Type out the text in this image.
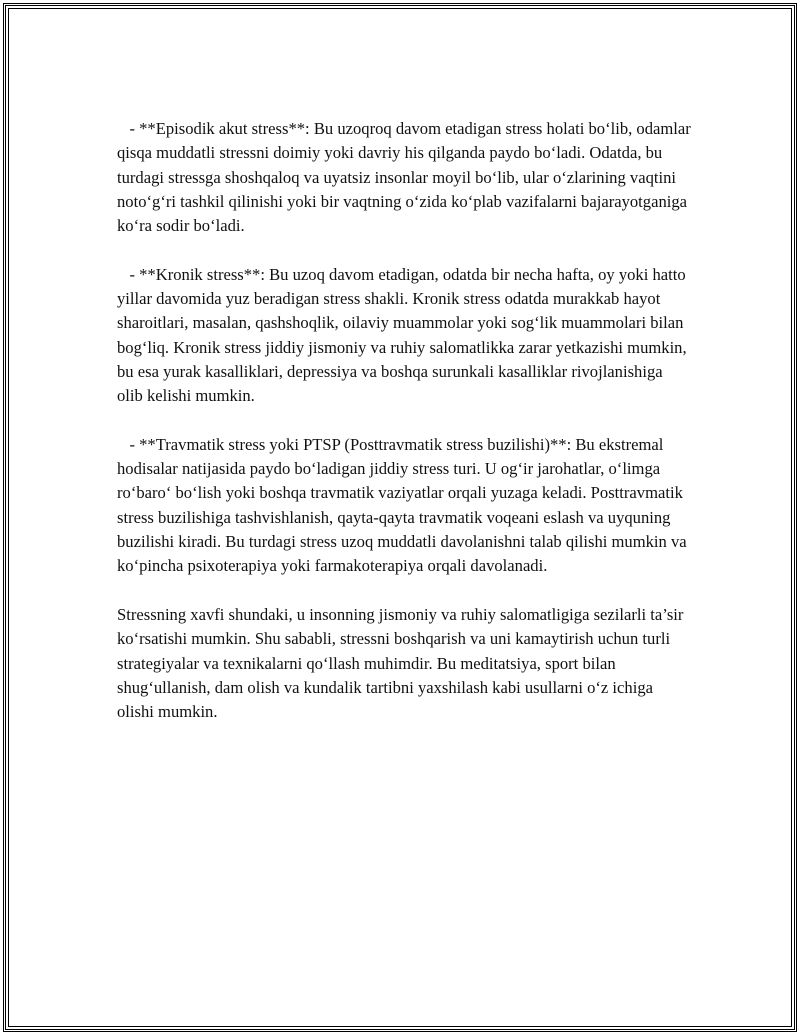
- **Episodik akut stress**: Bu uzoqroq davom etadigan stress holati bo‘lib, odamlar qisqa muddatli stressni doimiy yoki davriy his qilganda paydo bo‘ladi. Odatda, bu turdagi stressga shoshqaloq va uyatsiz insonlar moyil bo‘lib, ular o‘zlarining vaqtini noto‘g‘ri tashkil qilinishi yoki bir vaqtning o‘zida ko‘plab vazifalarni bajarayotganiga ko‘ra sodir bo‘ladi.

- **Kronik stress**: Bu uzoq davom etadigan, odatda bir necha hafta, oy yoki hatto yillar davomida yuz beradigan stress shakli. Kronik stress odatda murakkab hayot sharoitlari, masalan, qashshoqlik, oilaviy muammolar yoki sog‘lik muammolari bilan bog‘liq. Kronik stress jiddiy jismoniy va ruhiy salomatlikka zarar yetkazishi mumkin, bu esa yurak kasalliklari, depressiya va boshqa surunkali kasalliklar rivojlanishiga olib kelishi mumkin.

- **Travmatik stress yoki PTSP (Posttravmatik stress buzilishi)**: Bu ekstremal hodisalar natijasida paydo bo‘ladigan jiddiy stress turi. U og‘ir jarohatlar, o‘limga ro‘baro‘ bo‘lish yoki boshqa travmatik vaziyatlar orqali yuzaga keladi. Posttravmatik stress buzilishiga tashvishlanish, qayta-qayta travmatik voqeani eslash va uyquning buzilishi kiradi. Bu turdagi stress uzoq muddatli davolanishni talab qilishi mumkin va ko‘pincha psixoterapiya yoki farmakoterapiya orqali davolanadi.

Stressning xavfi shundaki, u insonning jismoniy va ruhiy salomatligiga sezilarli ta’sir ko‘rsatishi mumkin. Shu sababli, stressni boshqarish va uni kamaytirish uchun turli strategiyalar va texnikalarni qo‘llash muhimdir. Bu meditatsiya, sport bilan shug‘ullanish, dam olish va kundalik tartibni yaxshilash kabi usullarni o‘z ichiga olishi mumkin.
